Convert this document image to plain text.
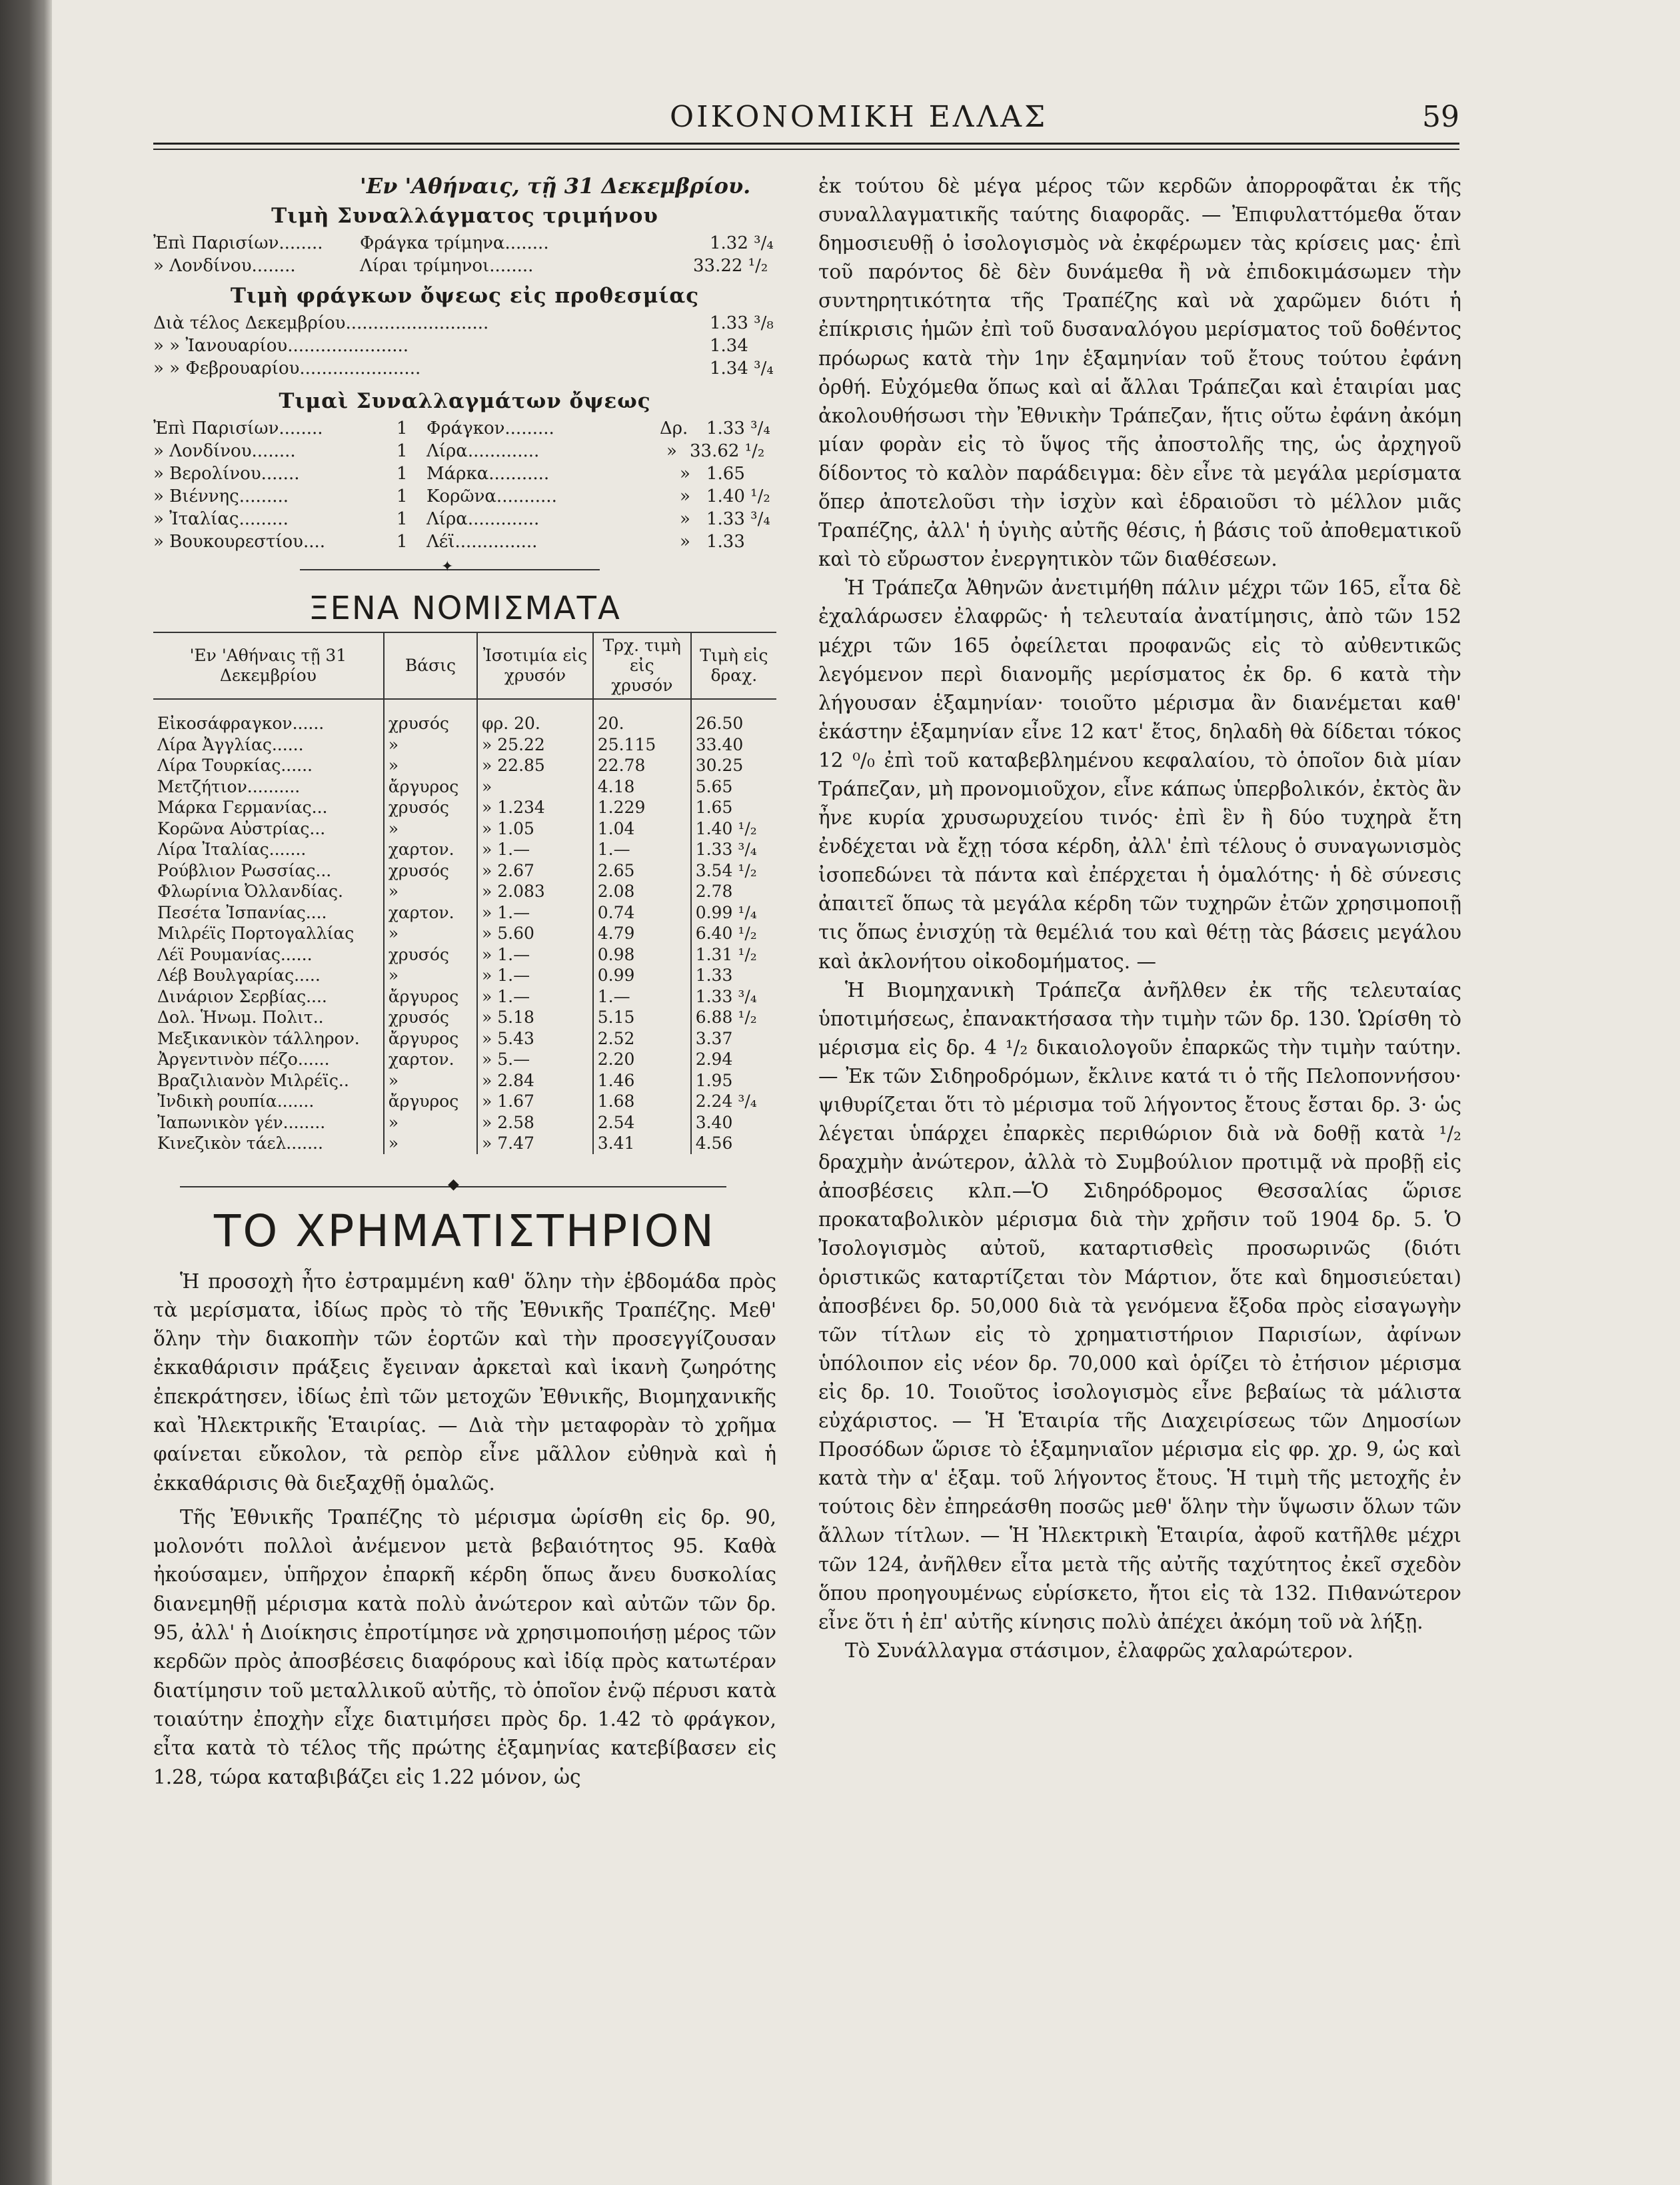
ΟΙΚΟΝΟΜΙΚΗ ΕΛΛΑΣ	59
'Εν 'Αθήναις, τῇ 31 Δεκεμβρίου.
Τιμὴ Συναλλάγματος τριμήνου
Ἐπὶ Παρισίων........ Φράγκα τρίμηνα........	1.32 ³/₄
» Λονδίνου........	Λίραι τρίμηνοι........	33.22 ¹/₂
Τιμὴ φράγκων ὄψεως εἰς προθεσμίας
Διὰ τέλος Δεκεμβρίου..........................	1.33 ³/₈
» » Ἰανουαρίου......................	1.34
» » Φεβρουαρίου......................	1.34 ³/₄
Τιμαὶ Συναλλαγμάτων ὄψεως
Ἐπὶ Παρισίων........	1 Φράγκον.........	Δρ. 1.33 ³/₄
» Λονδίνου........	1 Λίρα.............	» 33.62 ¹/₂
» Βερολίνου.......	1 Μάρκα...........	» 1.65
» Βιέννης.........	1 Κορῶνα...........	» 1.40 ¹/₂
» Ἰταλίας.........	1 Λίρα.............	» 1.33 ³/₄
» Βουκουρεστίου....	1 Λέϊ...............	» 1.33
✦
ΞΕΝΑ ΝΟΜΙΣΜΑΤΑ
'Εν 'Αθήναις τῇ 31 Δεκεμβρίου	Βάσις	Ἰσοτιμία εἰς χρυσόν	Τρχ. τιμὴ εἰς χρυσόν	Τιμὴ εἰς δραχ.

Εἰκοσάφραγκον......	χρυσός	φρ. 20.	20.	26.50
Λίρα Ἀγγλίας......	»	» 25.22	25.115	33.40
Λίρα Τουρκίας......	»	» 22.85	22.78	30.25
Μετζήτιον..........	ἄργυρος	»	4.18	5.65
Μάρκα Γερμανίας...	χρυσός	» 1.234	1.229	1.65
Κορῶνα Αὐστρίας...	»	» 1.05	1.04	1.40 ¹/₂
Λίρα Ἰταλίας.......	χαρτον.	» 1.—	1.—	1.33 ³/₄
Ρούβλιον Ρωσσίας...	χρυσός	» 2.67	2.65	3.54 ¹/₂
Φλωρίνια Ὀλλανδίας.	»	» 2.083	2.08	2.78
Πεσέτα Ἰσπανίας....	χαρτον.	» 1.—	0.74	0.99 ¹/₄
Μιλρέϊς Πορτογαλλίας	»	» 5.60	4.79	6.40 ¹/₂
Λέϊ Ρουμανίας......	χρυσός	» 1.—	0.98	1.31 ¹/₂
Λέβ Βουλγαρίας.....	»	» 1.—	0.99	1.33
Δινάριον Σερβίας....	ἄργυρος	» 1.—	1.—	1.33 ³/₄
Δολ. Ἡνωμ. Πολιτ..	χρυσός	» 5.18	5.15	6.88 ¹/₂
Μεξικανικὸν τάλληρον.	ἄργυρος	» 5.43	2.52	3.37
Ἀργεντινὸν πέζο......	χαρτον.	» 5.—	2.20	2.94
Βραζιλιανὸν Μιλρέϊς..	»	» 2.84	1.46	1.95
Ἰνδικὴ ρουπία.......	ἄργυρος	» 1.67	1.68	2.24 ³/₄
Ἰαπωνικὸν γέν........	»	» 2.58	2.54	3.40
Κινεζικὸν τάελ.......	»	» 7.47	3.41	4.56
◆
ΤΟ ΧΡΗΜΑΤΙΣΤΗΡΙΟΝ

Ἡ προσοχὴ ἦτο ἐστραμμένη καθ' ὅλην τὴν ἑβδομάδα πρὸς τὰ μερίσματα, ἰδίως πρὸς τὸ τῆς Ἐθνικῆς Τραπέζης. Μεθ' ὅλην τὴν διακοπὴν τῶν ἑορτῶν καὶ τὴν προσεγγίζουσαν ἐκκαθάρισιν πράξεις ἔγειναν ἀρκεταὶ καὶ ἱκανὴ ζωηρότης ἐπεκράτησεν, ἰδίως ἐπὶ τῶν μετοχῶν Ἐθνικῆς, Βιομηχανικῆς καὶ Ἠλεκτρικῆς Ἑταιρίας. — Διὰ τὴν μεταφορὰν τὸ χρῆμα φαίνεται εὔκολον, τὰ ρεπὸρ εἶνε μᾶλλον εὐθηνὰ καὶ ἡ ἐκκαθάρισις θὰ διεξαχθῇ ὁμαλῶς.

Τῆς Ἐθνικῆς Τραπέζης τὸ μέρισμα ὡρίσθη εἰς δρ. 90, μολονότι πολλοὶ ἀνέμενον μετὰ βεβαιότητος 95. Καθὰ ἠκούσαμεν, ὑπῆρχον ἐπαρκῆ κέρδη ὅπως ἄνευ δυσκολίας διανεμηθῇ μέρισμα κατὰ πολὺ ἀνώτερον καὶ αὐτῶν τῶν δρ. 95, ἀλλ' ἡ Διοίκησις ἐπροτίμησε νὰ χρησιμοποιήσῃ μέρος τῶν κερδῶν πρὸς ἀποσβέσεις διαφόρους καὶ ἰδίᾳ πρὸς κατωτέραν διατίμησιν τοῦ μεταλλικοῦ αὐτῆς, τὸ ὁποῖον ἐνῷ πέρυσι κατὰ τοιαύτην ἐποχὴν εἶχε διατιμήσει πρὸς δρ. 1.42 τὸ φράγκον, εἶτα κατὰ τὸ τέλος τῆς πρώτης ἑξαμηνίας κατεβίβασεν εἰς 1.28, τώρα καταβιβάζει εἰς 1.22 μόνον, ὡς

ἐκ τούτου δὲ μέγα μέρος τῶν κερδῶν ἀπορροφᾶται ἐκ τῆς συναλλαγματικῆς ταύτης διαφορᾶς. — Ἐπιφυλαττόμεθα ὅταν δημοσιευθῇ ὁ ἰσολογισμὸς νὰ ἐκφέρωμεν τὰς κρίσεις μας· ἐπὶ τοῦ παρόντος δὲ δὲν δυνάμεθα ἢ νὰ ἐπιδοκιμάσωμεν τὴν συντηρητικότητα τῆς Τραπέζης καὶ νὰ χαρῶμεν διότι ἡ ἐπίκρισις ἡμῶν ἐπὶ τοῦ δυσαναλόγου μερίσματος τοῦ δοθέντος πρόωρως κατὰ τὴν 1ην ἑξαμηνίαν τοῦ ἔτους τούτου ἐφάνη ὀρθή. Εὐχόμεθα ὅπως καὶ αἱ ἄλλαι Τράπεζαι καὶ ἑταιρίαι μας ἀκολουθήσωσι τὴν Ἐθνικὴν Τράπεζαν, ἥτις οὕτω ἐφάνη ἀκόμη μίαν φορὰν εἰς τὸ ὕψος τῆς ἀποστολῆς της, ὡς ἀρχηγοῦ δίδοντος τὸ καλὸν παράδειγμα: δὲν εἶνε τὰ μεγάλα μερίσματα ὅπερ ἀποτελοῦσι τὴν ἰσχὺν καὶ ἑδραιοῦσι τὸ μέλλον μιᾶς Τραπέζης, ἀλλ' ἡ ὑγιὴς αὐτῆς θέσις, ἡ βάσις τοῦ ἀποθεματικοῦ καὶ τὸ εὔρωστον ἐνεργητικὸν τῶν διαθέσεων.

Ἡ Τράπεζα Ἀθηνῶν ἀνετιμήθη πάλιν μέχρι τῶν 165, εἶτα δὲ ἐχαλάρωσεν ἐλαφρῶς· ἡ τελευταία ἀνατίμησις, ἀπὸ τῶν 152 μέχρι τῶν 165 ὀφείλεται προφανῶς εἰς τὸ αὐθεντικῶς λεγόμενον περὶ διανομῆς μερίσματος ἐκ δρ. 6 κατὰ τὴν λήγουσαν ἑξαμηνίαν· τοιοῦτο μέρισμα ἂν διανέμεται καθ' ἑκάστην ἑξαμηνίαν εἶνε 12 κατ' ἔτος, δηλαδὴ θὰ δίδεται τόκος 12 ⁰/₀ ἐπὶ τοῦ καταβεβλημένου κεφαλαίου, τὸ ὁποῖον διὰ μίαν Τράπεζαν, μὴ προνομιοῦχον, εἶνε κάπως ὑπερβολικόν, ἐκτὸς ἂν ἦνε κυρία χρυσωρυχείου τινός· ἐπὶ ἓν ἢ δύο τυχηρὰ ἔτη ἐνδέχεται νὰ ἔχῃ τόσα κέρδη, ἀλλ' ἐπὶ τέλους ὁ συναγωνισμὸς ἰσοπεδώνει τὰ πάντα καὶ ἐπέρχεται ἡ ὁμαλότης· ἡ δὲ σύνεσις ἀπαιτεῖ ὅπως τὰ μεγάλα κέρδη τῶν τυχηρῶν ἐτῶν χρησιμοποιῇ τις ὅπως ἐνισχύῃ τὰ θεμέλιά του καὶ θέτῃ τὰς βάσεις μεγάλου καὶ ἀκλονήτου οἰκοδομήματος. —

Ἡ Βιομηχανικὴ Τράπεζα ἀνῆλθεν ἐκ τῆς τελευταίας ὑποτιμήσεως, ἐπανακτήσασα τὴν τιμὴν τῶν δρ. 130. Ὡρίσθη τὸ μέρισμα εἰς δρ. 4 ¹/₂ δικαιολογοῦν ἐπαρκῶς τὴν τιμὴν ταύτην. — Ἐκ τῶν Σιδηροδρόμων, ἔκλινε κατά τι ὁ τῆς Πελοποννήσου· ψιθυρίζεται ὅτι τὸ μέρισμα τοῦ λήγοντος ἔτους ἔσται δρ. 3· ὡς λέγεται ὑπάρχει ἐπαρκὲς περιθώριον διὰ νὰ δοθῇ κατὰ ¹/₂ δραχμὴν ἀνώτερον, ἀλλὰ τὸ Συμβούλιον προτιμᾷ νὰ προβῇ εἰς ἀποσβέσεις κλπ.—Ὁ Σιδηρόδρομος Θεσσαλίας ὥρισε προκαταβολικὸν μέρισμα διὰ τὴν χρῆσιν τοῦ 1904 δρ. 5. Ὁ Ἰσολογισμὸς αὐτοῦ, καταρτισθεὶς προσωρινῶς (διότι ὁριστικῶς καταρτίζεται τὸν Μάρτιον, ὅτε καὶ δημοσιεύεται) ἀποσβένει δρ. 50,000 διὰ τὰ γενόμενα ἔξοδα πρὸς εἰσαγωγὴν τῶν τίτλων εἰς τὸ χρηματιστήριον Παρισίων, ἀφίνων ὑπόλοιπον εἰς νέον δρ. 70,000 καὶ ὁρίζει τὸ ἐτήσιον μέρισμα εἰς δρ. 10. Τοιοῦτος ἰσολογισμὸς εἶνε βεβαίως τὰ μάλιστα εὐχάριστος. — Ἡ Ἑταιρία τῆς Διαχειρίσεως τῶν Δημοσίων Προσόδων ὥρισε τὸ ἑξαμηνιαῖον μέρισμα εἰς φρ. χρ. 9, ὡς καὶ κατὰ τὴν α' ἑξαμ. τοῦ λήγοντος ἔτους. Ἡ τιμὴ τῆς μετοχῆς ἐν τούτοις δὲν ἐπηρεάσθη ποσῶς μεθ' ὅλην τὴν ὕψωσιν ὅλων τῶν ἄλλων τίτλων. — Ἡ Ἠλεκτρικὴ Ἑταιρία, ἀφοῦ κατῆλθε μέχρι τῶν 124, ἀνῆλθεν εἶτα μετὰ τῆς αὐτῆς ταχύτητος ἐκεῖ σχεδὸν ὅπου προηγουμένως εὑρίσκετο, ἤτοι εἰς τὰ 132. Πιθανώτερον εἶνε ὅτι ἡ ἐπ' αὐτῆς κίνησις πολὺ ἀπέχει ἀκόμη τοῦ νὰ λήξῃ.

Τὸ Συνάλλαγμα στάσιμον, ἐλαφρῶς χαλαρώτερον.
